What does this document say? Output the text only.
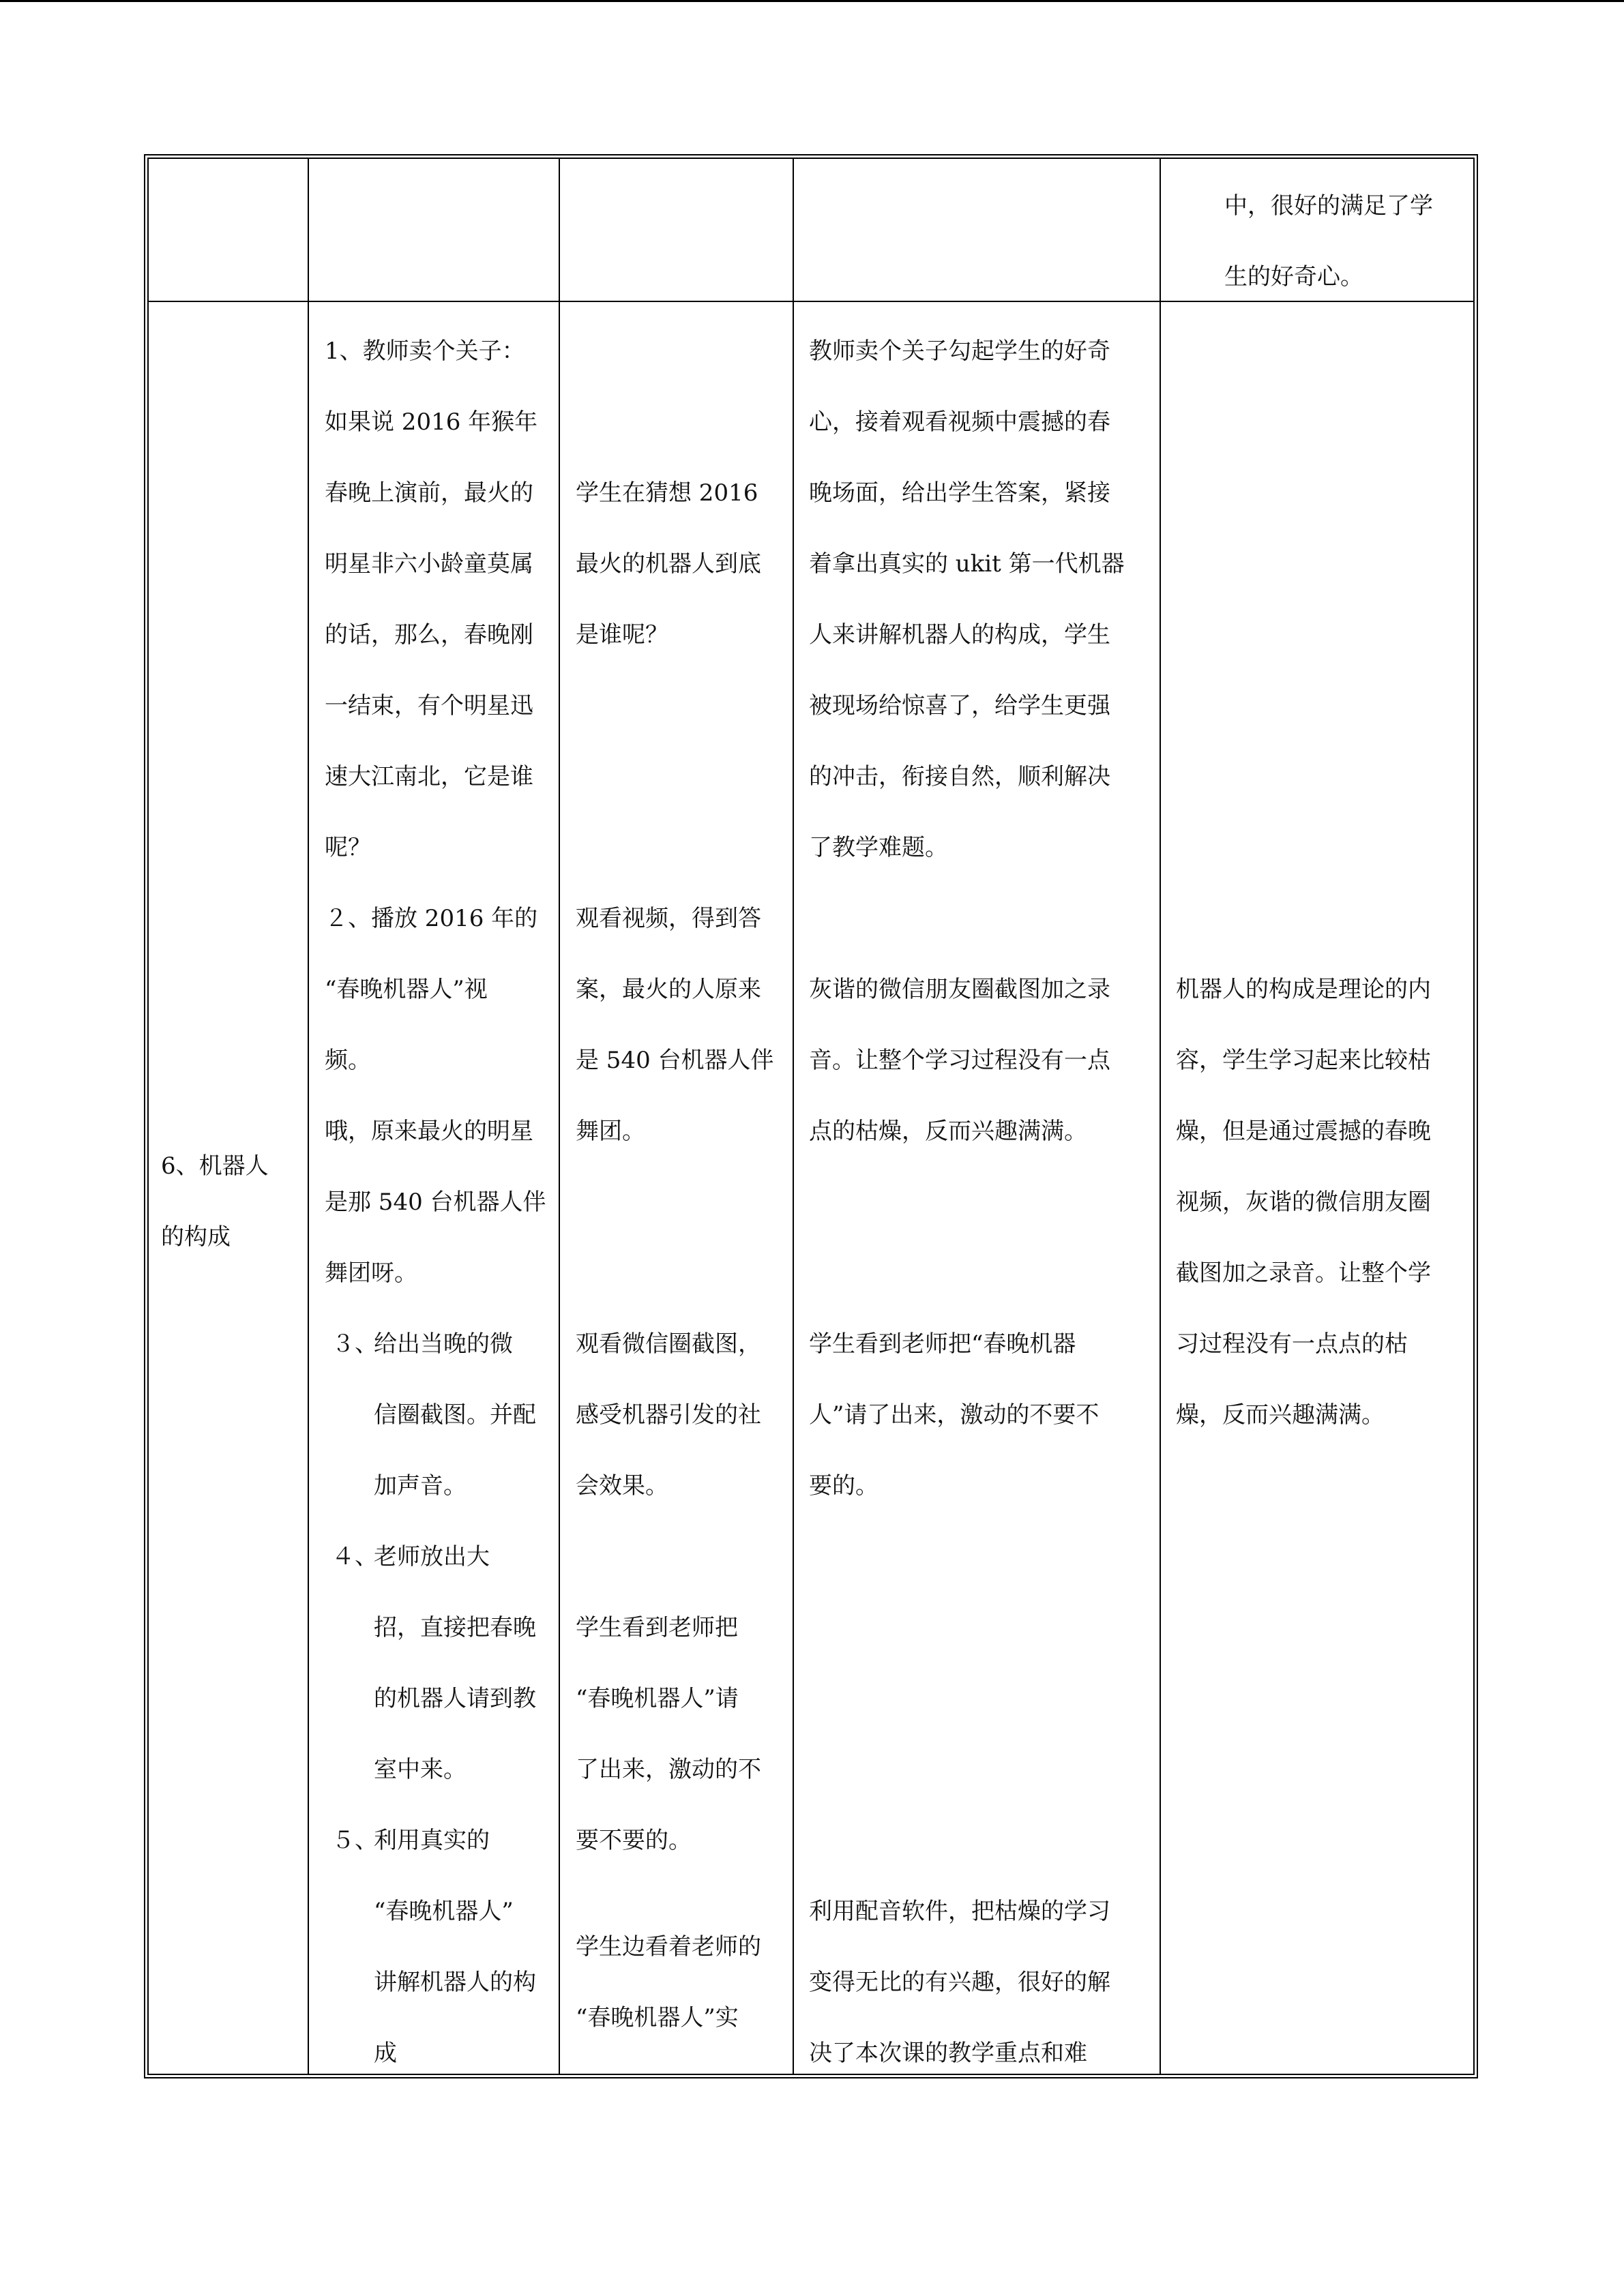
中，很好的满足了学
生的好奇心。
6、机器人
的构成
1、教师卖个关子：
如果说 2016 年猴年
春晚上演前，最火的
明星非六小龄童莫属
的话，那么，春晚刚
一结束，有个明星迅
速大江南北，它是谁
呢？
２、播放 2016 年的
“春晚机器人”视
频。
哦，原来最火的明星
是那 540 台机器人伴
舞团呀。
３、
给出当晚的微
信圈截图。并配
加声音。
４、
老师放出大
招，直接把春晚
的机器人请到教
室中来。
５、
利用真实的
“春晚机器人”
讲解机器人的构
成
学生在猜想 2016
最火的机器人到底
是谁呢？
观看视频，得到答
案，最火的人原来
是 540 台机器人伴
舞团。
观看微信圈截图，
感受机器引发的社
会效果。
学生看到老师把
“春晚机器人”请
了出来，激动的不
要不要的。
学生边看着老师的
“春晚机器人”实
教师卖个关子勾起学生的好奇
心，接着观看视频中震撼的春
晚场面，给出学生答案，紧接
着拿出真实的 ukit 第一代机器
人来讲解机器人的构成，学生
被现场给惊喜了，给学生更强
的冲击，衔接自然，顺利解决
了教学难题。
灰谐的微信朋友圈截图加之录
音。让整个学习过程没有一点
点的枯燥，反而兴趣满满。
学生看到老师把“春晚机器
人”请了出来，激动的不要不
要的。
利用配音软件，把枯燥的学习
变得无比的有兴趣，很好的解
决了本次课的教学重点和难
机器人的构成是理论的内
容，学生学习起来比较枯
燥，但是通过震撼的春晚
视频，灰谐的微信朋友圈
截图加之录音。让整个学
习过程没有一点点的枯
燥，反而兴趣满满。
